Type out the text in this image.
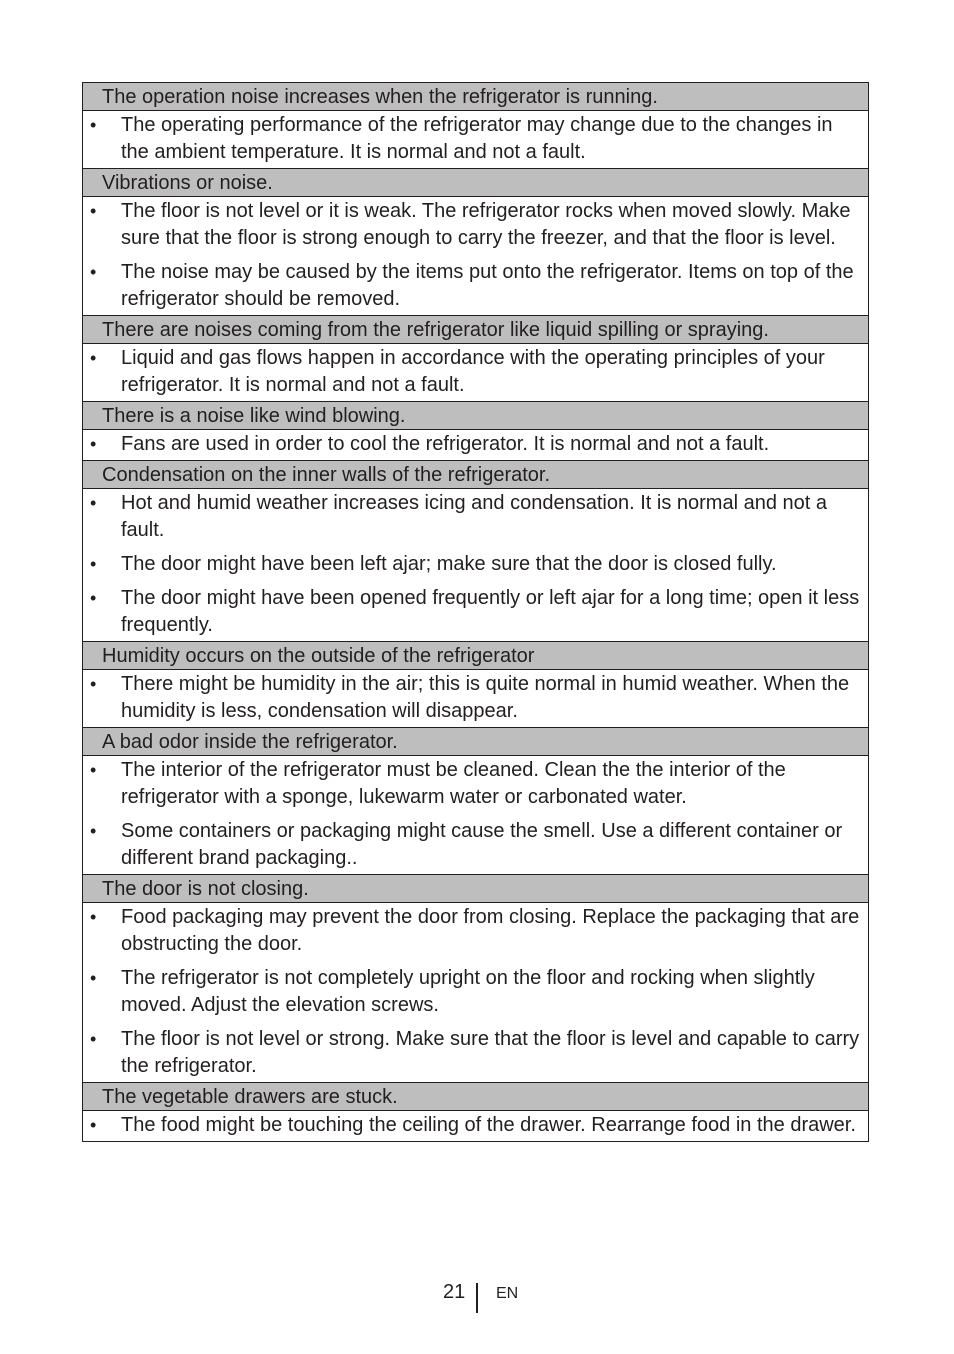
The operation noise increases when the refrigerator is running.
• The operating performance of the refrigerator may change due to the changes in the ambient temperature. It is normal and not a fault.
Vibrations or noise.
• The floor is not level or it is weak. The refrigerator rocks when moved slowly. Make sure that the floor is strong enough to carry the freezer, and that the floor is level.
• The noise may be caused by the items put onto the refrigerator. Items on top of the refrigerator should be removed.
There are noises coming from the refrigerator like liquid spilling or spraying.
• Liquid and gas flows happen in accordance with the operating principles of your refrigerator. It is normal and not a fault.
There is a noise like wind blowing.
• Fans are used in order to cool the refrigerator. It is normal and not a fault.
Condensation on the inner walls of the refrigerator.
• Hot and humid weather increases icing and condensation. It is normal and not a fault.
• The door might have been left ajar; make sure that the door is closed fully.
• The door might have been opened frequently or left ajar for a long time; open it less frequently.
Humidity occurs on the outside of the refrigerator
• There might be humidity in the air; this is quite normal in humid weather. When the humidity is less, condensation will disappear.
A bad odor inside the refrigerator.
• The interior of the refrigerator must be cleaned. Clean the the interior of the refrigerator with a sponge, lukewarm water or carbonated water.
• Some containers or packaging might cause the smell. Use a different container or different brand packaging..
The door is not closing.
• Food packaging may prevent the door from closing. Replace the packaging that are obstructing the door.
• The refrigerator is not completely upright on the floor and rocking when slightly moved. Adjust the elevation screws.
• The floor is not level or strong. Make sure that the floor is level and capable to carry the refrigerator.
The vegetable drawers are stuck.
• The food might be touching the ceiling of the drawer. Rearrange food in the drawer.
21 EN
